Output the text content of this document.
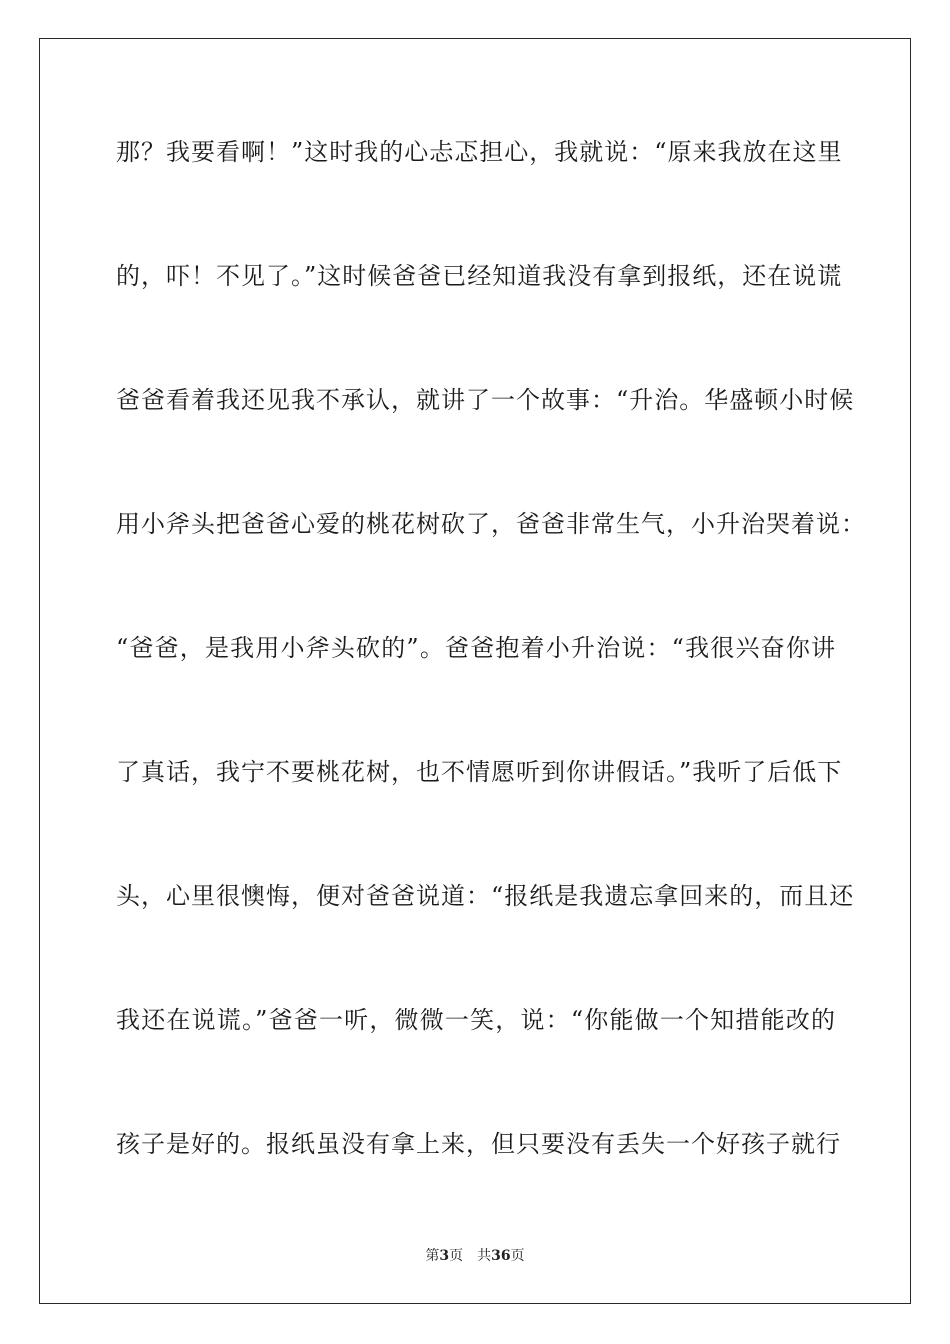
那？我要看啊！”这时我的心忐忑担心，我就说：“原来我放在这里
的，吓！不见了。”这时候爸爸已经知道我没有拿到报纸，还在说谎
爸爸看着我还见我不承认，就讲了一个故事：“升治。华盛顿小时候
用小斧头把爸爸心爱的桃花树砍了，爸爸非常生气，小升治哭着说：
“爸爸，是我用小斧头砍的”。爸爸抱着小升治说：“我很兴奋你讲
了真话，我宁不要桃花树，也不情愿听到你讲假话。”我听了后低下
头，心里很懊悔，便对爸爸说道：“报纸是我遗忘拿回来的，而且还
我还在说谎。”爸爸一听，微微一笑，说：“你能做一个知措能改的
孩子是好的。报纸虽没有拿上来，但只要没有丢失一个好孩子就行
第3页 共36页
